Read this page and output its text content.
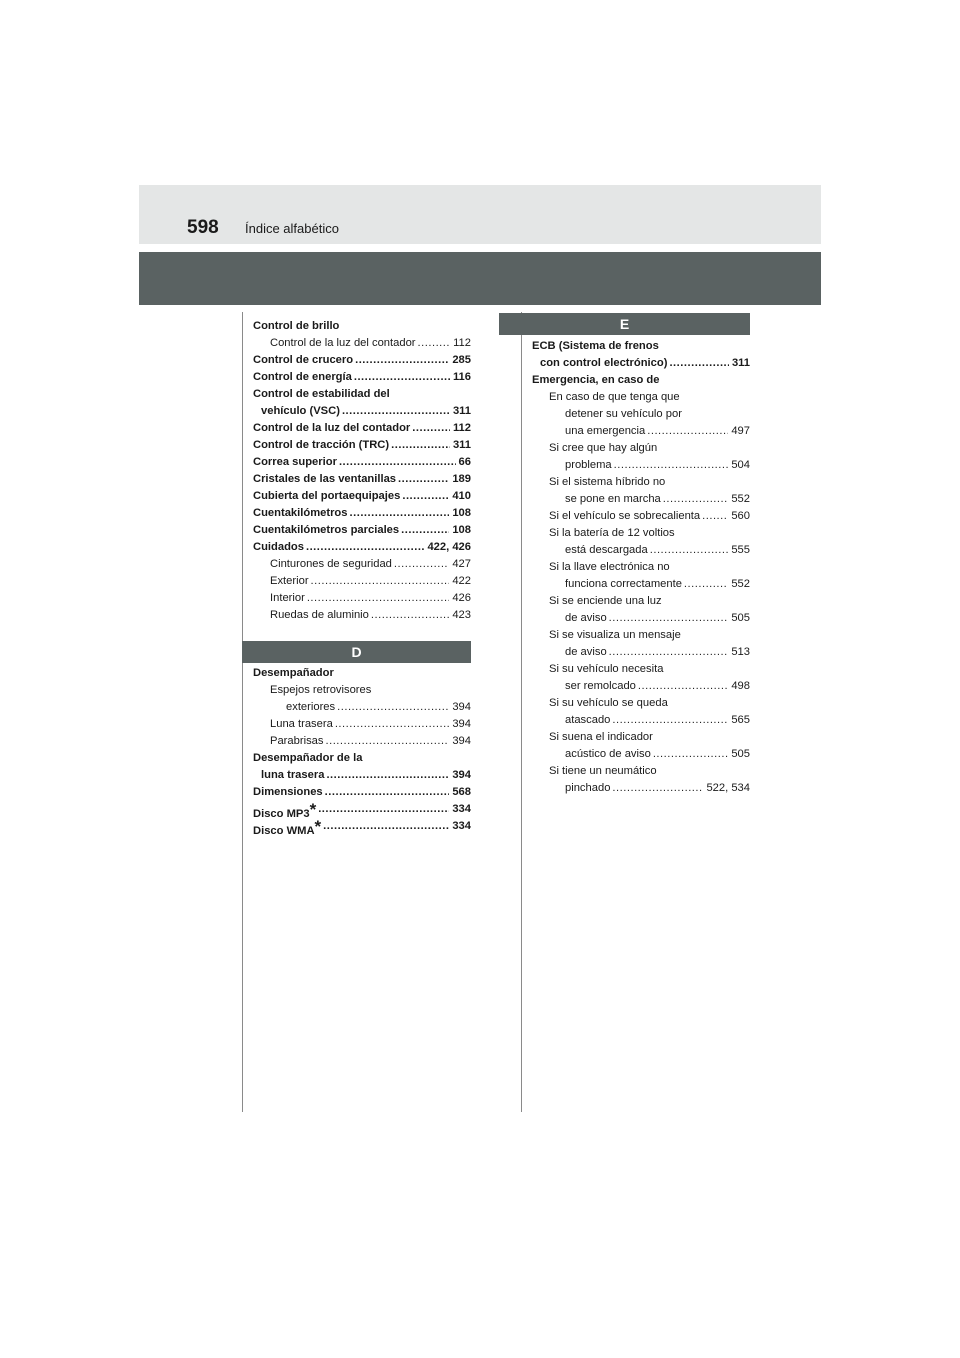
598 Índice alfabético
Control de brillo
Control de la luz del contador .....	112
Control de crucero .....	285
Control de energía .....	116
Control de estabilidad del
vehículo (VSC) .....	311
Control de la luz del contador .....	112
Control de tracción (TRC) .....	311
Correa superior .....	66
Cristales de las ventanillas .....	189
Cubierta del portaequipajes .....	410
Cuentakilómetros .....	108
Cuentakilómetros parciales .....	108
Cuidados .....	422, 426
Cinturones de seguridad .....	427
Exterior .....	422
Interior .....	426
Ruedas de aluminio .....	423
D
Desempañador
Espejos retrovisores
exteriores .....	394
Luna trasera .....	394
Parabrisas .....	394
Desempañador de la
luna trasera .....	394
Dimensiones .....	568
Disco MP3* .....	334
Disco WMA* .....	334
E
ECB (Sistema de frenos
con control electrónico) .....	311
Emergencia, en caso de
En caso de que tenga que
detener su vehículo por
una emergencia .....	497
Si cree que hay algún
problema .....	504
Si el sistema híbrido no
se pone en marcha .....	552
Si el vehículo se sobrecalienta .....	560
Si la batería de 12 voltios
está descargada .....	555
Si la llave electrónica no
funciona correctamente .....	552
Si se enciende una luz
de aviso .....	505
Si se visualiza un mensaje
de aviso .....	513
Si su vehículo necesita
ser remolcado .....	498
Si su vehículo se queda
atascado .....	565
Si suena el indicador
acústico de aviso .....	505
Si tiene un neumático
pinchado .....	522, 534
